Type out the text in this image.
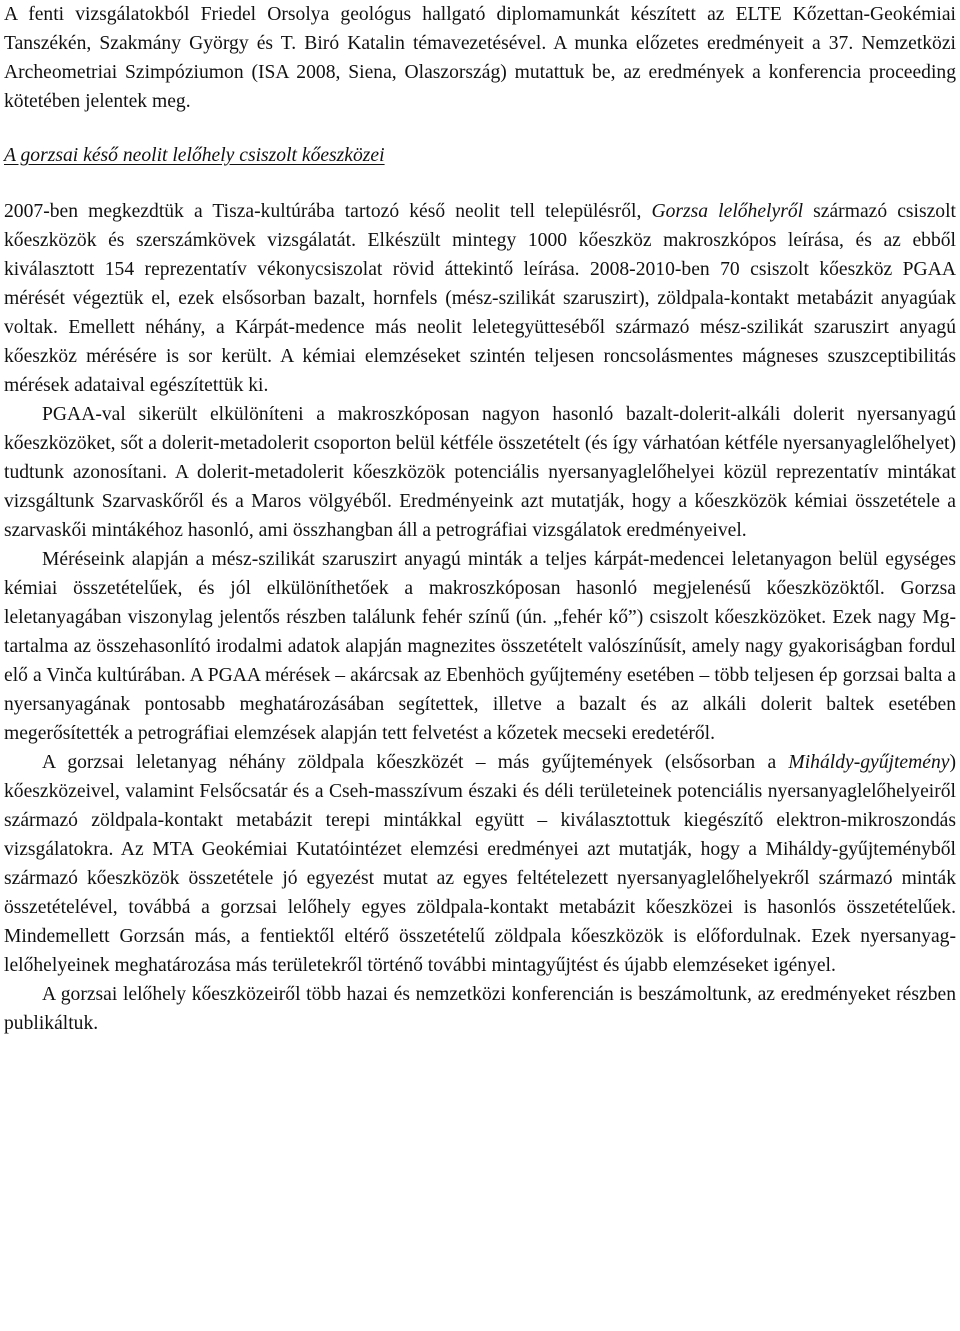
A fenti vizsgálatokból Friedel Orsolya geológus hallgató diplomamunkát készített az ELTE Kőzettan-Geokémiai Tanszékén, Szakmány György és T. Biró Katalin témavezetésével. A munka előzetes eredményeit a 37. Nemzetközi Archeometriai Szimpóziumon (ISA 2008, Siena, Olaszország) mutattuk be, az eredmények a konferencia proceeding kötetében jelentek meg.

A gorzsai késő neolit lelőhely csiszolt kőeszközei

2007-ben megkezdtük a Tisza-kultúrába tartozó késő neolit tell településről, Gorzsa lelőhelyről származó csiszolt kőeszközök és szerszámkövek vizsgálatát. Elkészült mintegy 1000 kőeszköz makroszkópos leírása, és az ebből kiválasztott 154 reprezentatív vékonycsiszolat rövid áttekintő leírása. 2008-2010-ben 70 csiszolt kőeszköz PGAA mérését végeztük el, ezek elsősorban bazalt, hornfels (mész-szilikát szaruszirt), zöldpala-kontakt metabázit anyagúak voltak. Emellett néhány, a Kárpát-medence más neolit leletegyütteséből származó mész-szilikát szaruszirt anyagú kőeszköz mérésére is sor került. A kémiai elemzéseket szintén teljesen roncsolásmentes mágneses szuszceptibilitás mérések adataival egészítettük ki.

PGAA-val sikerült elkülöníteni a makroszkóposan nagyon hasonló bazalt-dolerit-alkáli dolerit nyersanyagú kőeszközöket, sőt a dolerit-metadolerit csoporton belül kétféle összetételt (és így várhatóan kétféle nyersanyaglelőhelyet) tudtunk azonosítani. A dolerit-metadolerit kőeszközök potenciális nyersanyaglelőhelyei közül reprezentatív mintákat vizsgáltunk Szarvaskőről és a Maros völgyéből. Eredményeink azt mutatják, hogy a kőeszközök kémiai összetétele a szarvaskői mintákéhoz hasonló, ami összhangban áll a petrográfiai vizsgálatok eredményeivel.

Méréseink alapján a mész-szilikát szaruszirt anyagú minták a teljes kárpát-medencei leletanyagon belül egységes kémiai összetételűek, és jól elkülöníthetőek a makroszkóposan hasonló megjelenésű kőeszközöktől. Gorzsa leletanyagában viszonylag jelentős részben találunk fehér színű (ún. „fehér kő”) csiszolt kőeszközöket. Ezek nagy Mg-tartalma az összehasonlító irodalmi adatok alapján magnezites összetételt valószínűsít, amely nagy gyakoriságban fordul elő a Vinča kultúrában. A PGAA mérések – akárcsak az Ebenhöch gyűjtemény esetében – több teljesen ép gorzsai balta a nyersanyagának pontosabb meghatározásában segítettek, illetve a bazalt és az alkáli dolerit baltek esetében megerősítették a petrográfiai elemzések alapján tett felvetést a kőzetek mecseki eredetéről.

A gorzsai leletanyag néhány zöldpala kőeszközét – más gyűjtemények (elsősorban a Miháldy-gyűjtemény) kőeszközeivel, valamint Felsőcsatár és a Cseh-masszívum északi és déli területeinek potenciális nyersanyaglelőhelyeiről származó zöldpala-kontakt metabázit terepi mintákkal együtt – kiválasztottuk kiegészítő elektron-mikroszondás vizsgálatokra. Az MTA Geokémiai Kutatóintézet elemzési eredményei azt mutatják, hogy a Miháldy-gyűjteményből származó kőeszközök összetétele jó egyezést mutat az egyes feltételezett nyersanyaglelőhelyekről származó minták összetételével, továbbá a gorzsai lelőhely egyes zöldpala-kontakt metabázit kőeszközei is hasonlós összetételűek. Mindemellett Gorzsán más, a fentiektől eltérő összetételű zöldpala kőeszközök is előfordulnak. Ezek nyersanyag-lelőhelyeinek meghatározása más területekről történő további mintagyűjtést és újabb elemzéseket igényel.

A gorzsai lelőhely kőeszközeiről több hazai és nemzetközi konferencián is beszámoltunk, az eredményeket részben publikáltuk.
